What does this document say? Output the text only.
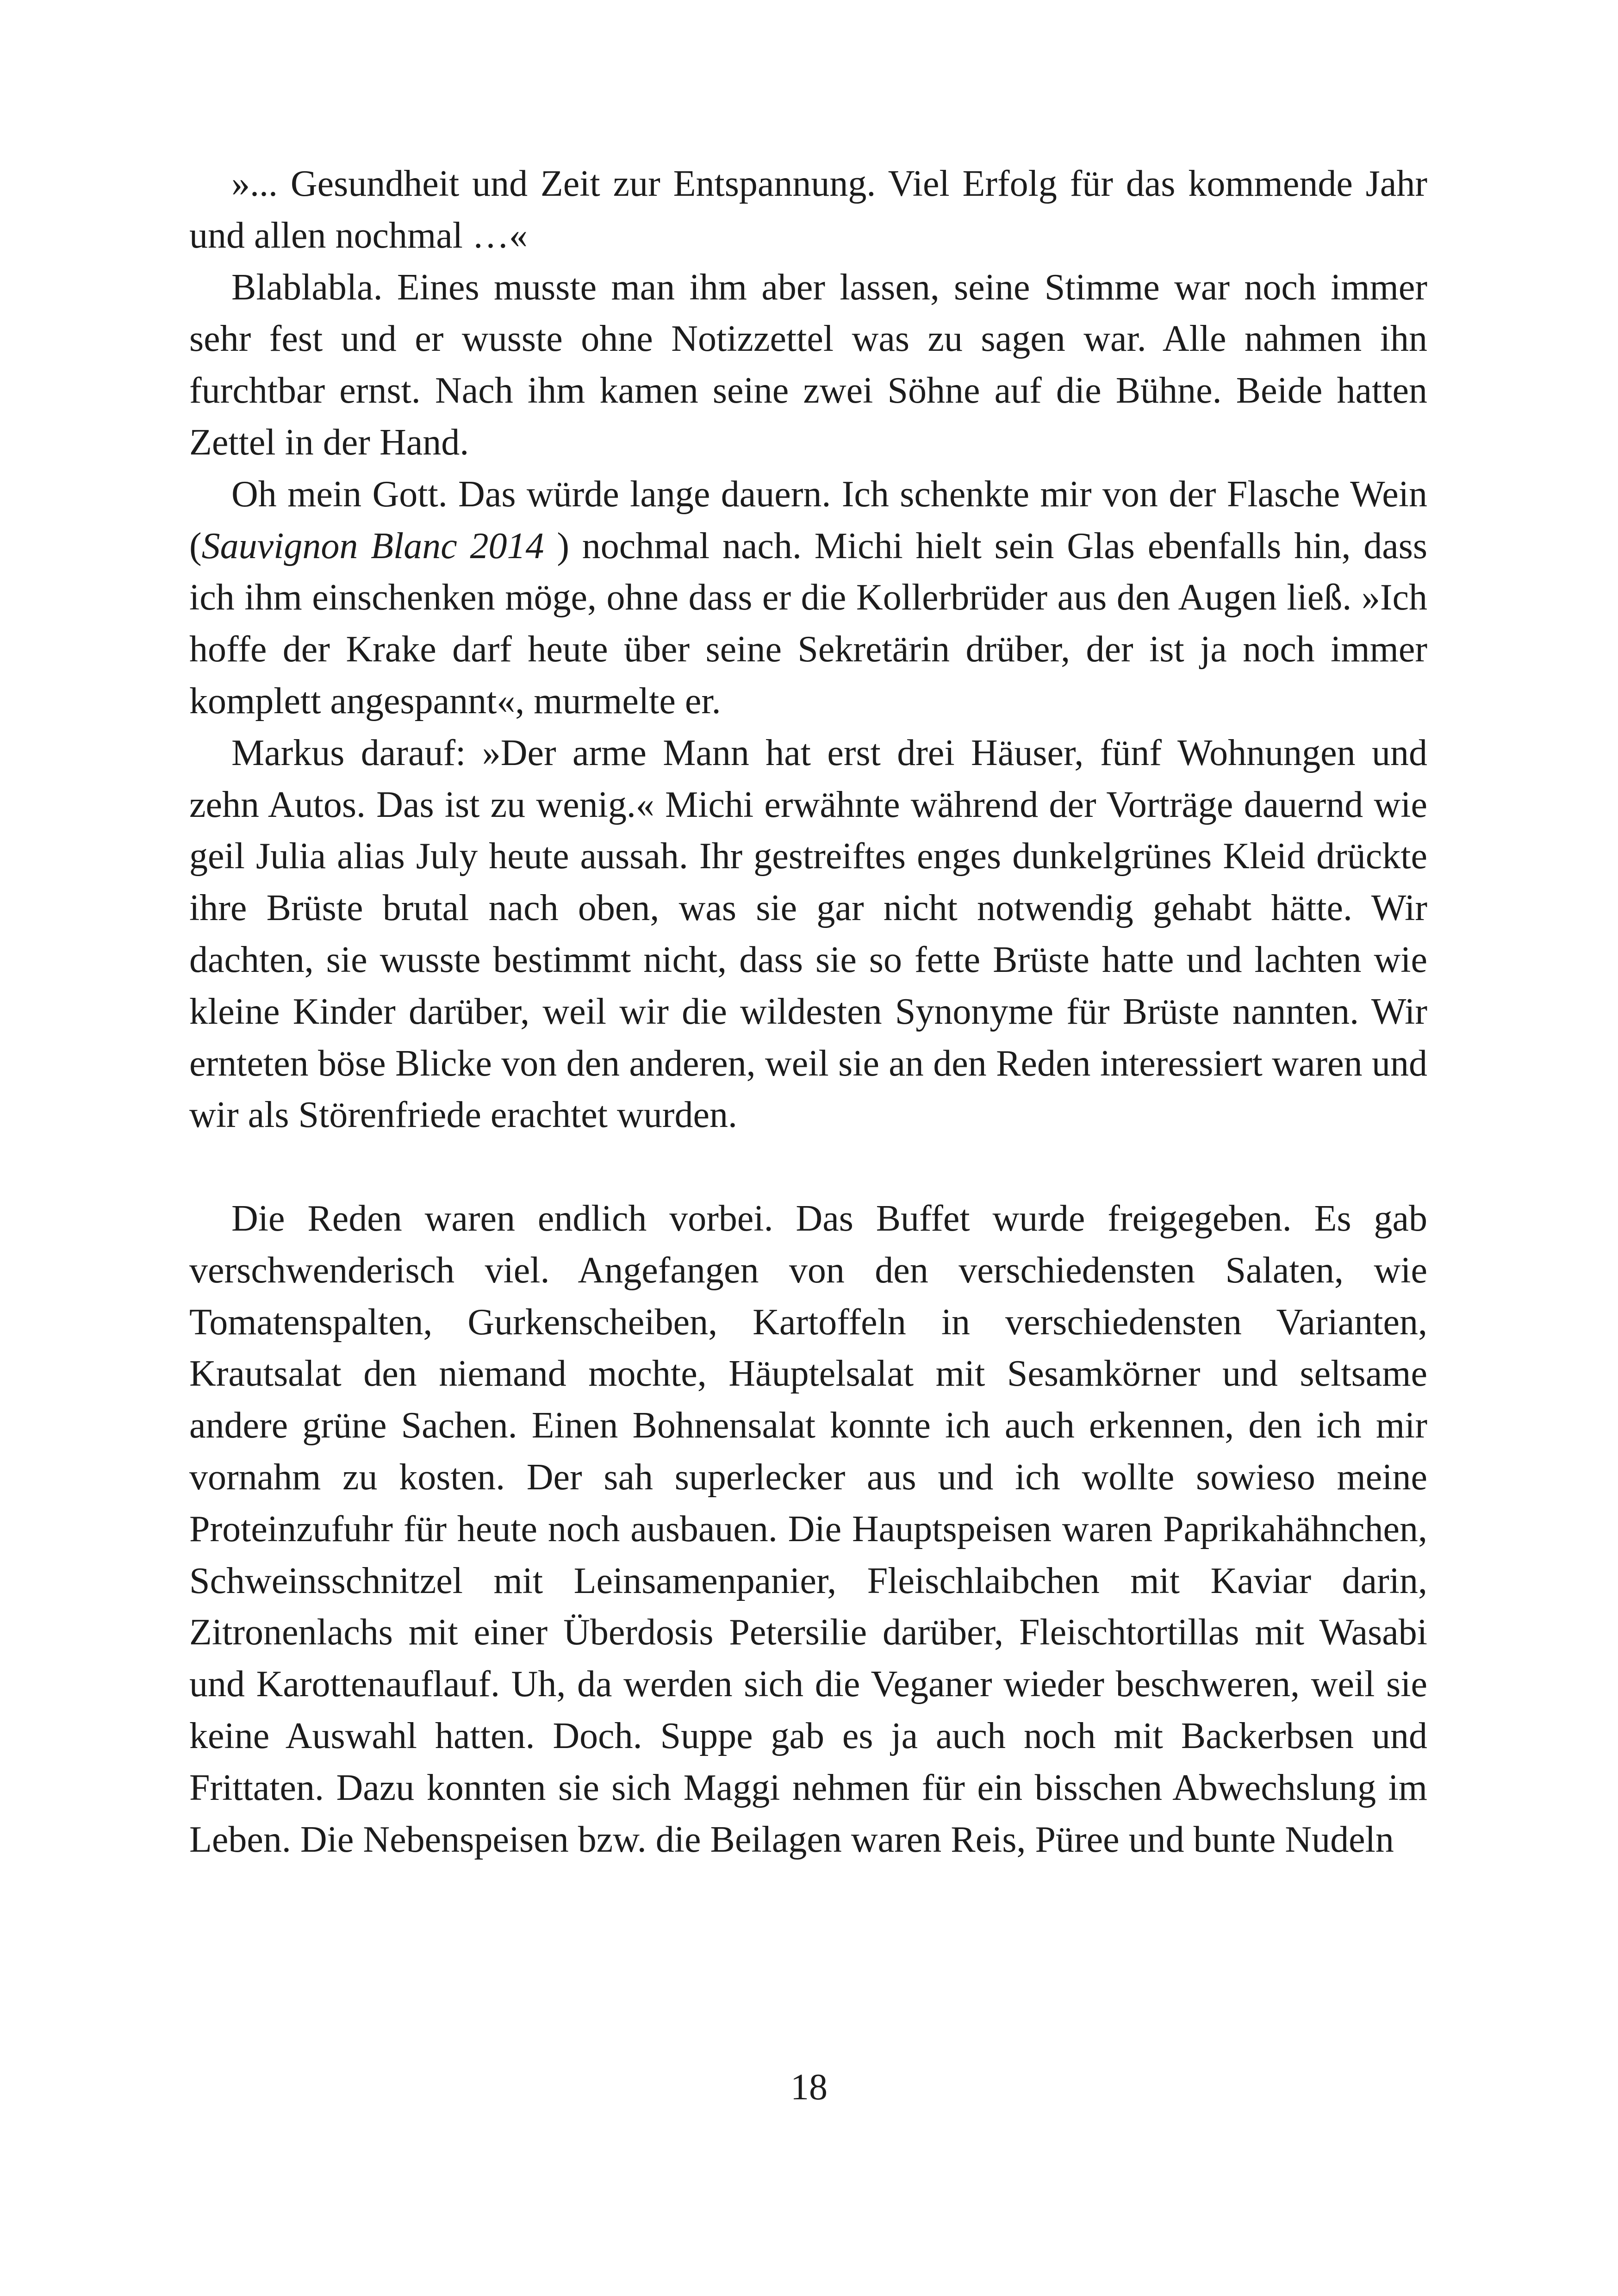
»... Gesundheit und Zeit zur Entspannung. Viel Erfolg für das kommende Jahr und allen nochmal …«

Blablabla. Eines musste man ihm aber lassen, seine Stimme war noch immer sehr fest und er wusste ohne Notizzettel was zu sagen war. Alle nahmen ihn furchtbar ernst. Nach ihm kamen seine zwei Söhne auf die Bühne. Beide hatten Zettel in der Hand.

Oh mein Gott. Das würde lange dauern. Ich schenkte mir von der Flasche Wein (Sauvignon Blanc 2014 ) nochmal nach. Michi hielt sein Glas ebenfalls hin, dass ich ihm einschenken möge, ohne dass er die Kollerbrüder aus den Augen ließ. »Ich hoffe der Krake darf heute über seine Sekretärin drüber, der ist ja noch immer komplett angespannt«, murmelte er.

Markus darauf: »Der arme Mann hat erst drei Häuser, fünf Wohnungen und zehn Autos. Das ist zu wenig.« Michi erwähnte während der Vorträge dauernd wie geil Julia alias July heute aussah. Ihr gestreiftes enges dunkelgrünes Kleid drückte ihre Brüste brutal nach oben, was sie gar nicht notwendig gehabt hätte. Wir dachten, sie wusste bestimmt nicht, dass sie so fette Brüste hatte und lachten wie kleine Kinder darüber, weil wir die wildesten Synonyme für Brüste nannten. Wir ernteten böse Blicke von den anderen, weil sie an den Reden interessiert waren und wir als Störenfriede erachtet wurden.

Die Reden waren endlich vorbei. Das Buffet wurde freigegeben. Es gab verschwenderisch viel. Angefangen von den verschiedensten Salaten, wie Tomatenspalten, Gurkenscheiben, Kartoffeln in verschiedensten Varianten, Krautsalat den niemand mochte, Häuptelsalat mit Sesamkörner und seltsame andere grüne Sachen. Einen Bohnensalat konnte ich auch erkennen, den ich mir vornahm zu kosten. Der sah superlecker aus und ich wollte sowieso meine Proteinzufuhr für heute noch ausbauen. Die Hauptspeisen waren Paprikahähnchen, Schweinsschnitzel mit Leinsamenpanier, Fleischlaibchen mit Kaviar darin, Zitronenlachs mit einer Überdosis Petersilie darüber, Fleischtortillas mit Wasabi und Karottenauflauf. Uh, da werden sich die Veganer wieder beschweren, weil sie keine Auswahl hatten. Doch. Suppe gab es ja auch noch mit Backerbsen und Frittaten. Dazu konnten sie sich Maggi nehmen für ein bisschen Abwechslung im Leben. Die Nebenspeisen bzw. die Beilagen waren Reis, Püree und bunte Nudeln

18
